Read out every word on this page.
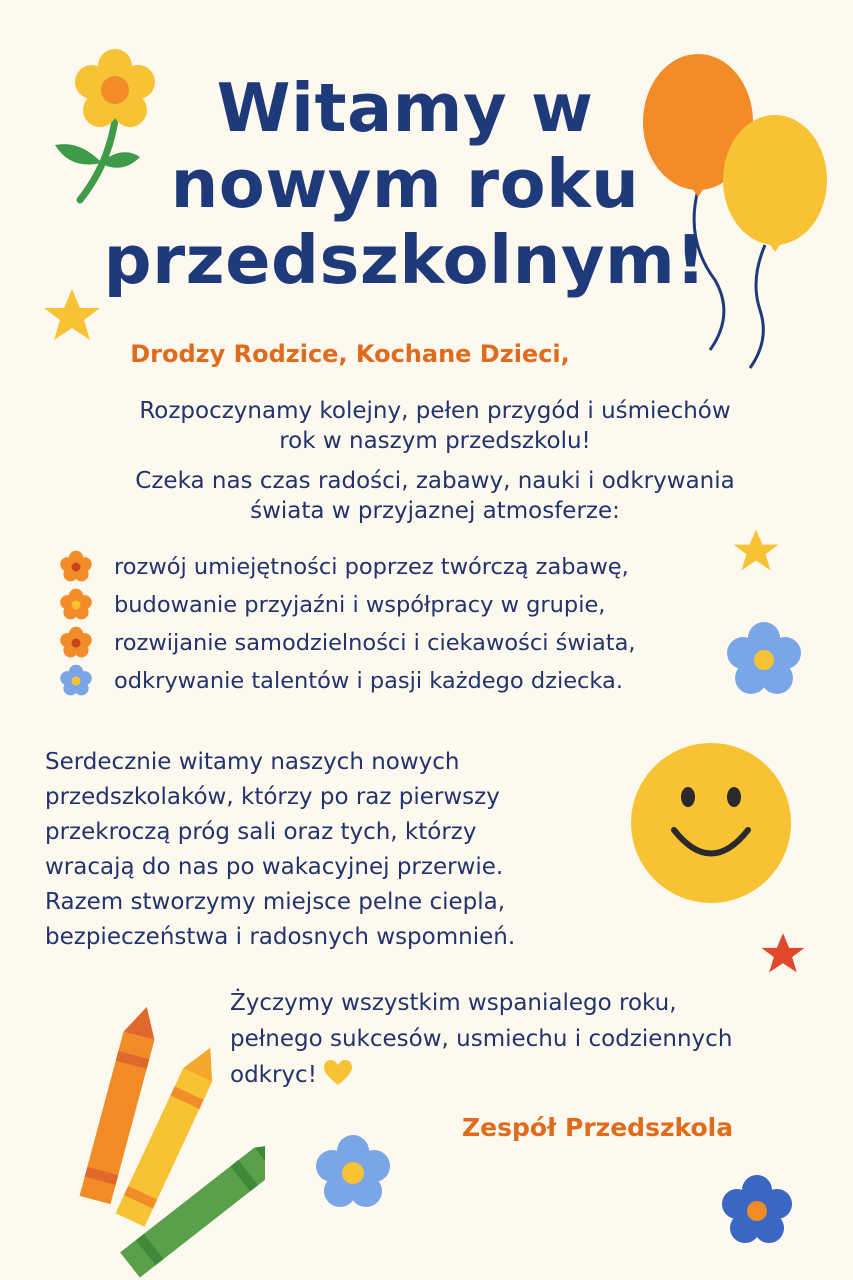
Witamy w
nowym roku
przedszkolnym!
Drodzy Rodzice, Kochane Dzieci,
Rozpoczynamy kolejny, pełen przygód i uśmiechów
rok w naszym przedszkolu!
Czeka nas czas radości, zabawy, nauki i odkrywania
świata w przyjaznej atmosferze:
rozwój umiejętności poprzez twórczą zabawę,
budowanie przyjaźni i współpracy w grupie,
rozwijanie samodzielności i ciekawości świata,
odkrywanie talentów i pasji każdego dziecka.
Serdecznie witamy naszych nowych
przedszkolaków, którzy po raz pierwszy
przekroczą próg sali oraz tych, którzy
wracają do nas po wakacyjnej przerwie.
Razem stworzymy miejsce pelne cieplа,
bezpieczeństwa i radosnych wspomnień.
Życzymy wszystkim wspanialego roku,
pełnego sukcesów, usmiechu i codziennych
odkryc!
Zespół Przedszkola
